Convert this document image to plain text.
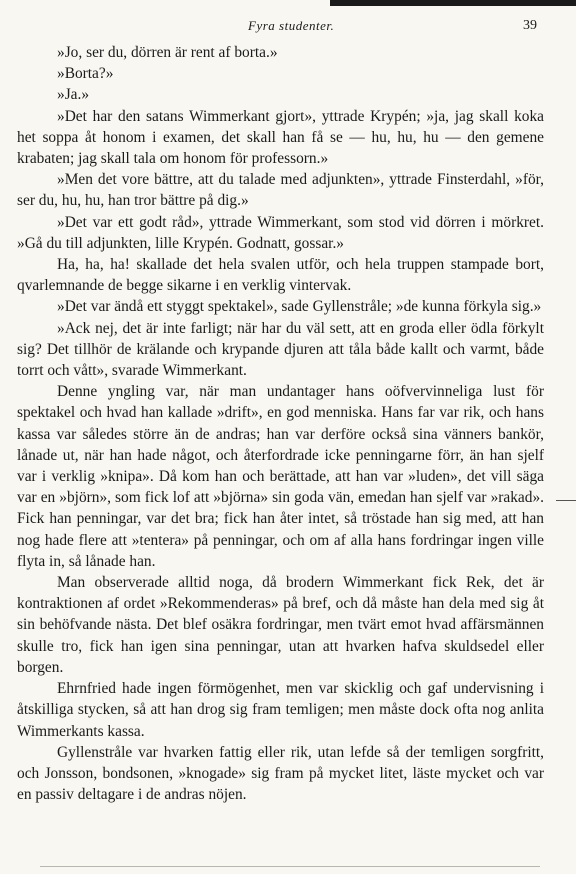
Fyra studenter.	39

»Jo, ser du, dörren är rent af borta.»

»Borta?»

»Ja.»

»Det har den satans Wimmerkant gjort», yttrade Krypén; »ja, jag skall koka het soppa åt honom i examen, det skall han få se — hu, hu, hu — den gemene krabaten; jag skall tala om honom för professorn.»

»Men det vore bättre, att du talade med adjunkten», yttrade Finsterdahl, »för, ser du, hu, hu, han tror bättre på dig.»

»Det var ett godt råd», yttrade Wimmerkant, som stod vid dörren i mörkret. »Gå du till adjunkten, lille Krypén. Godnatt, gossar.»

Ha, ha, ha! skallade det hela svalen utför, och hela truppen stampade bort, qvarlemnande de begge sikarne i en verklig vintervak.

»Det var ändå ett styggt spektakel», sade Gyllenstråle; »de kunna förkyla sig.»

»Ack nej, det är inte farligt; när har du väl sett, att en groda eller ödla förkylt sig? Det tillhör de krälande och krypande djuren att tåla både kallt och varmt, både torrt och vått», svarade Wimmerkant.

Denne yngling var, när man undantager hans oöfvervinneliga lust för spektakel och hvad han kallade »drift», en god menniska. Hans far var rik, och hans kassa var således större än de andras; han var derföre också sina vänners bankör, lånade ut, när han hade något, och återfordrade icke penningarne förr, än han sjelf var i verklig »knipa». Då kom han och berättade, att han var »luden», det vill säga var en »björn», som fick lof att »björna» sin goda vän, emedan han sjelf var »rakad». Fick han penningar, var det bra; fick han åter intet, så tröstade han sig med, att han nog hade flere att »tentera» på penningar, och om af alla hans fordringar ingen ville flyta in, så lånade han.

Man observerade alltid noga, då brodern Wimmerkant fick Rek, det är kontraktionen af ordet »Rekommenderas» på bref, och då måste han dela med sig åt sin behöfvande nästa. Det blef osäkra fordringar, men tvärt emot hvad affärsmännen skulle tro, fick han igen sina penningar, utan att hvarken hafva skuldsedel eller borgen.

Ehrnfried hade ingen förmögenhet, men var skicklig och gaf undervisning i åtskilliga stycken, så att han drog sig fram temligen; men måste dock ofta nog anlita Wimmerkants kassa.

Gyllenstråle var hvarken fattig eller rik, utan lefde så der temligen sorgfritt, och Jonsson, bondsonen, »knogade» sig fram på mycket litet, läste mycket och var en passiv deltagare i de andras nöjen.
